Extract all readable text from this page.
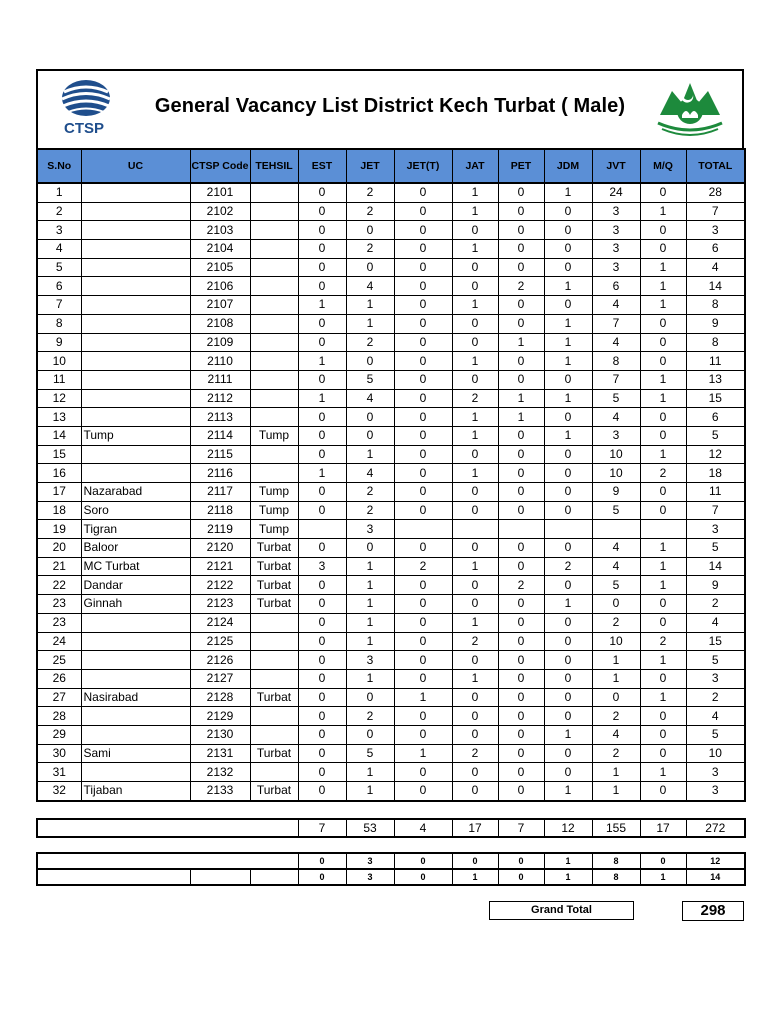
CTSP
General Vacancy List District Kech Turbat ( Male)
S.No	UC	CTSP Code	TEHSIL	EST	JET	JET(T)	JAT	PET	JDM	JVT	M/Q	TOTAL
1		2101		0	2	0	1	0	1	24	0	28
2		2102		0	2	0	1	0	0	3	1	7
3		2103		0	0	0	0	0	0	3	0	3
4		2104		0	2	0	1	0	0	3	0	6
5		2105		0	0	0	0	0	0	3	1	4
6		2106		0	4	0	0	2	1	6	1	14
7		2107		1	1	0	1	0	0	4	1	8
8		2108		0	1	0	0	0	1	7	0	9
9		2109		0	2	0	0	1	1	4	0	8
10		2110		1	0	0	1	0	1	8	0	11
11		2111		0	5	0	0	0	0	7	1	13
12		2112		1	4	0	2	1	1	5	1	15
13		2113		0	0	0	1	1	0	4	0	6
14	Tump	2114	Tump	0	0	0	1	0	1	3	0	5
15		2115		0	1	0	0	0	0	10	1	12
16		2116		1	4	0	1	0	0	10	2	18
17	Nazarabad	2117	Tump	0	2	0	0	0	0	9	0	11
18	Soro	2118	Tump	0	2	0	0	0	0	5	0	7
19	Tigran	2119	Tump		3							3
20	Baloor	2120	Turbat	0	0	0	0	0	0	4	1	5
21	MC Turbat	2121	Turbat	3	1	2	1	0	2	4	1	14
22	Dandar	2122	Turbat	0	1	0	0	2	0	5	1	9
23	Ginnah	2123	Turbat	0	1	0	0	0	1	0	0	2
23		2124		0	1	0	1	0	0	2	0	4
24		2125		0	1	0	2	0	0	10	2	15
25		2126		0	3	0	0	0	0	1	1	5
26		2127		0	1	0	1	0	0	1	0	3
27	Nasirabad	2128	Turbat	0	0	1	0	0	0	0	1	2
28		2129		0	2	0	0	0	0	2	0	4
29		2130		0	0	0	0	0	1	4	0	5
30	Sami	2131	Turbat	0	5	1	2	0	0	2	0	10
31		2132		0	1	0	0	0	0	1	1	3
32	Tijaban	2133	Turbat	0	1	0	0	0	1	1	0	3
	7	53	4	17	7	12	155	17	272
			0	3	0	0	0	1	8	0	12
			0	3	0	1	0	1	8	1	14
Grand Total	298
